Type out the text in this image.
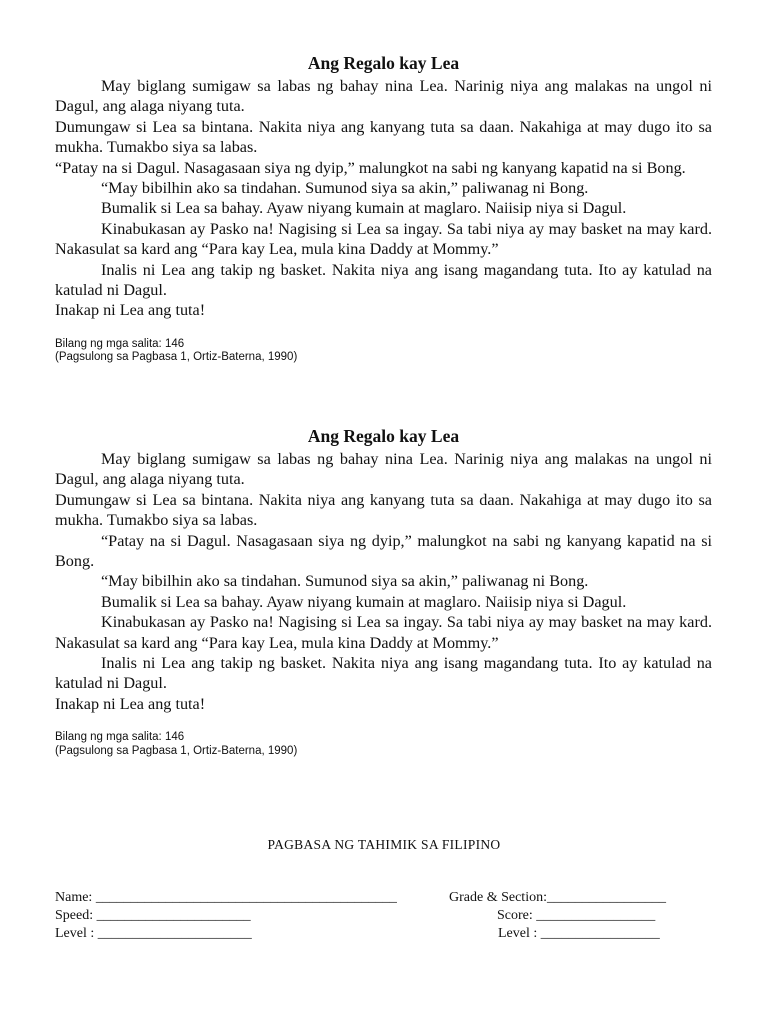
Ang Regalo kay Lea

May biglang sumigaw sa labas ng bahay nina Lea. Narinig niya ang malakas na ungol ni Dagul, ang alaga niyang tuta.

Dumungaw si Lea sa bintana. Nakita niya ang kanyang tuta sa daan. Nakahiga at may dugo ito sa mukha. Tumakbo siya sa labas.

“Patay na si Dagul. Nasagasaan siya ng dyip,” malungkot na sabi ng kanyang kapatid na si Bong.

“May bibilhin ako sa tindahan. Sumunod siya sa akin,” paliwanag ni Bong.

Bumalik si Lea sa bahay. Ayaw niyang kumain at maglaro. Naiisip niya si Dagul.

Kinabukasan ay Pasko na! Nagising si Lea sa ingay. Sa tabi niya ay may basket na may kard. Nakasulat sa kard ang “Para kay Lea, mula kina Daddy at Mommy.”

Inalis ni Lea ang takip ng basket. Nakita niya ang isang magandang tuta. Ito ay katulad na katulad ni Dagul.

Inakap ni Lea ang tuta!

Bilang ng mga salita: 146
(Pagsulong sa Pagbasa 1, Ortiz-Baterna, 1990)
Ang Regalo kay Lea

May biglang sumigaw sa labas ng bahay nina Lea. Narinig niya ang malakas na ungol ni Dagul, ang alaga niyang tuta.

Dumungaw si Lea sa bintana. Nakita niya ang kanyang tuta sa daan. Nakahiga at may dugo ito sa mukha. Tumakbo siya sa labas.

“Patay na si Dagul. Nasagasaan siya ng dyip,” malungkot na sabi ng kanyang kapatid na si Bong.

“May bibilhin ako sa tindahan. Sumunod siya sa akin,” paliwanag ni Bong.

Bumalik si Lea sa bahay. Ayaw niyang kumain at maglaro. Naiisip niya si Dagul.

Kinabukasan ay Pasko na! Nagising si Lea sa ingay. Sa tabi niya ay may basket na may kard. Nakasulat sa kard ang “Para kay Lea, mula kina Daddy at Mommy.”

Inalis ni Lea ang takip ng basket. Nakita niya ang isang magandang tuta. Ito ay katulad na katulad ni Dagul.

Inakap ni Lea ang tuta!

Bilang ng mga salita: 146
(Pagsulong sa Pagbasa 1, Ortiz-Baterna, 1990)
PAGBASA NG TAHIMIK SA FILIPINO
Name: ___________________________________________	Grade & Section:_________________
Speed: ______________________	Score: _________________
Level : ______________________	Level : _________________
